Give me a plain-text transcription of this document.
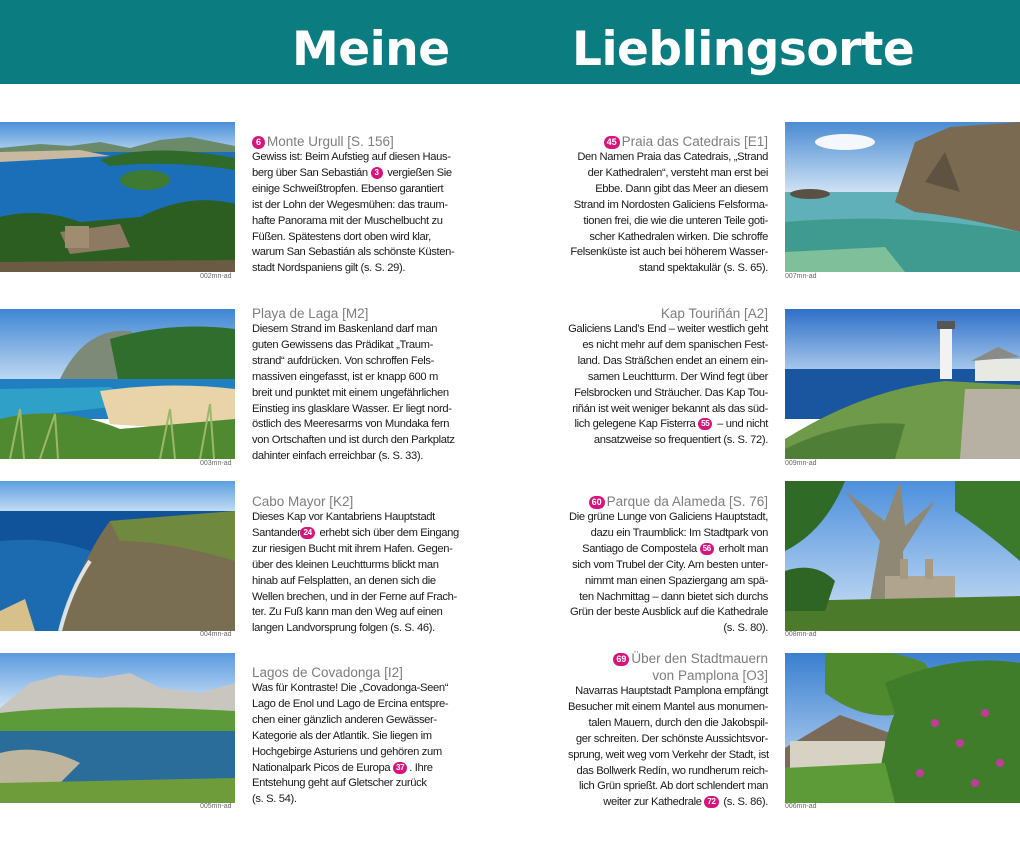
Meine	Lieblingsorte
002mn-ad
003mn-ad
004mn-ad
005mn-ad
007mn-ad
009mn-ad
008mn-ad
006mn-ad
6 Monte Urgull [S. 156]
Gewiss ist: Beim Aufstieg auf diesen Haus-
berg über San Sebastián 3 vergießen Sie
einige Schweißtropfen. Ebenso garantiert
ist der Lohn der Wegesmühen: das traum-
hafte Panorama mit der Muschelbucht zu
Füßen. Spätestens dort oben wird klar,
warum San Sebastián als schönste Küsten-
stadt Nordspaniens gilt (s. S. 29).
Playa de Laga [M2]
Diesem Strand im Baskenland darf man
guten Gewissens das Prädikat „Traum-
strand“ aufdrücken. Von schroffen Fels-
massiven eingefasst, ist er knapp 600 m
breit und punktet mit einem ungefährlichen
Einstieg ins glasklare Wasser. Er liegt nord-
östlich des Meeresarms von Mundaka fern
von Ortschaften und ist durch den Parkplatz
dahinter einfach erreichbar (s. S. 33).
Cabo Mayor [K2]
Dieses Kap vor Kantabriens Hauptstadt
Santander 24 erhebt sich über dem Eingang
zur riesigen Bucht mit ihrem Hafen. Gegen-
über des kleinen Leuchtturms blickt man
hinab auf Felsplatten, an denen sich die
Wellen brechen, und in der Ferne auf Frach-
ter. Zu Fuß kann man den Weg auf einen
langen Landvorsprung folgen (s. S. 46).
Lagos de Covadonga [I2]
Was für Kontraste! Die „Covadonga-Seen“
Lago de Enol und Lago de Ercina entspre-
chen einer gänzlich anderen Gewässer-
Kategorie als der Atlantik. Sie liegen im
Hochgebirge Asturiens und gehören zum
Nationalpark Picos de Europa 37 . Ihre
Entstehung geht auf Gletscher zurück
(s. S. 54).
45 Praia das Catedrais [E1]
Den Namen Praia das Catedrais, „Strand
der Kathedralen“, versteht man erst bei
Ebbe. Dann gibt das Meer an diesem
Strand im Nordosten Galiciens Felsforma-
tionen frei, die wie die unteren Teile goti-
scher Kathedralen wirken. Die schroffe
Felsenküste ist auch bei höherem Wasser-
stand spektakulär (s. S. 65).
Kap Touriñán [A2]
Galiciens Land’s End – weiter westlich geht
es nicht mehr auf dem spanischen Fest-
land. Das Sträßchen endet an einem ein-
samen Leuchtturm. Der Wind fegt über
Felsbrocken und Sträucher. Das Kap Tou-
riñán ist weit weniger bekannt als das süd-
lich gelegene Kap Fisterra 55 – und nicht
ansatzweise so frequentiert (s. S. 72).
60 Parque da Alameda [S. 76]
Die grüne Lunge von Galiciens Hauptstadt,
dazu ein Traumblick: Im Stadtpark von
Santiago de Compostela 56 erholt man
sich vom Trubel der City. Am besten unter-
nimmt man einen Spaziergang am spä-
ten Nachmittag – dann bietet sich durchs
Grün der beste Ausblick auf die Kathedrale
(s. S. 80).
69 Über den Stadtmauern
von Pamplona [O3]
Navarras Hauptstadt Pamplona empfängt
Besucher mit einem Mantel aus monumen-
talen Mauern, durch den die Jakobspil-
ger schreiten. Der schönste Aussichtsvor-
sprung, weit weg vom Verkehr der Stadt, ist
das Bollwerk Redín, wo rundherum reich-
lich Grün sprießt. Ab dort schlendert man
weiter zur Kathedrale 72 (s. S. 86).
